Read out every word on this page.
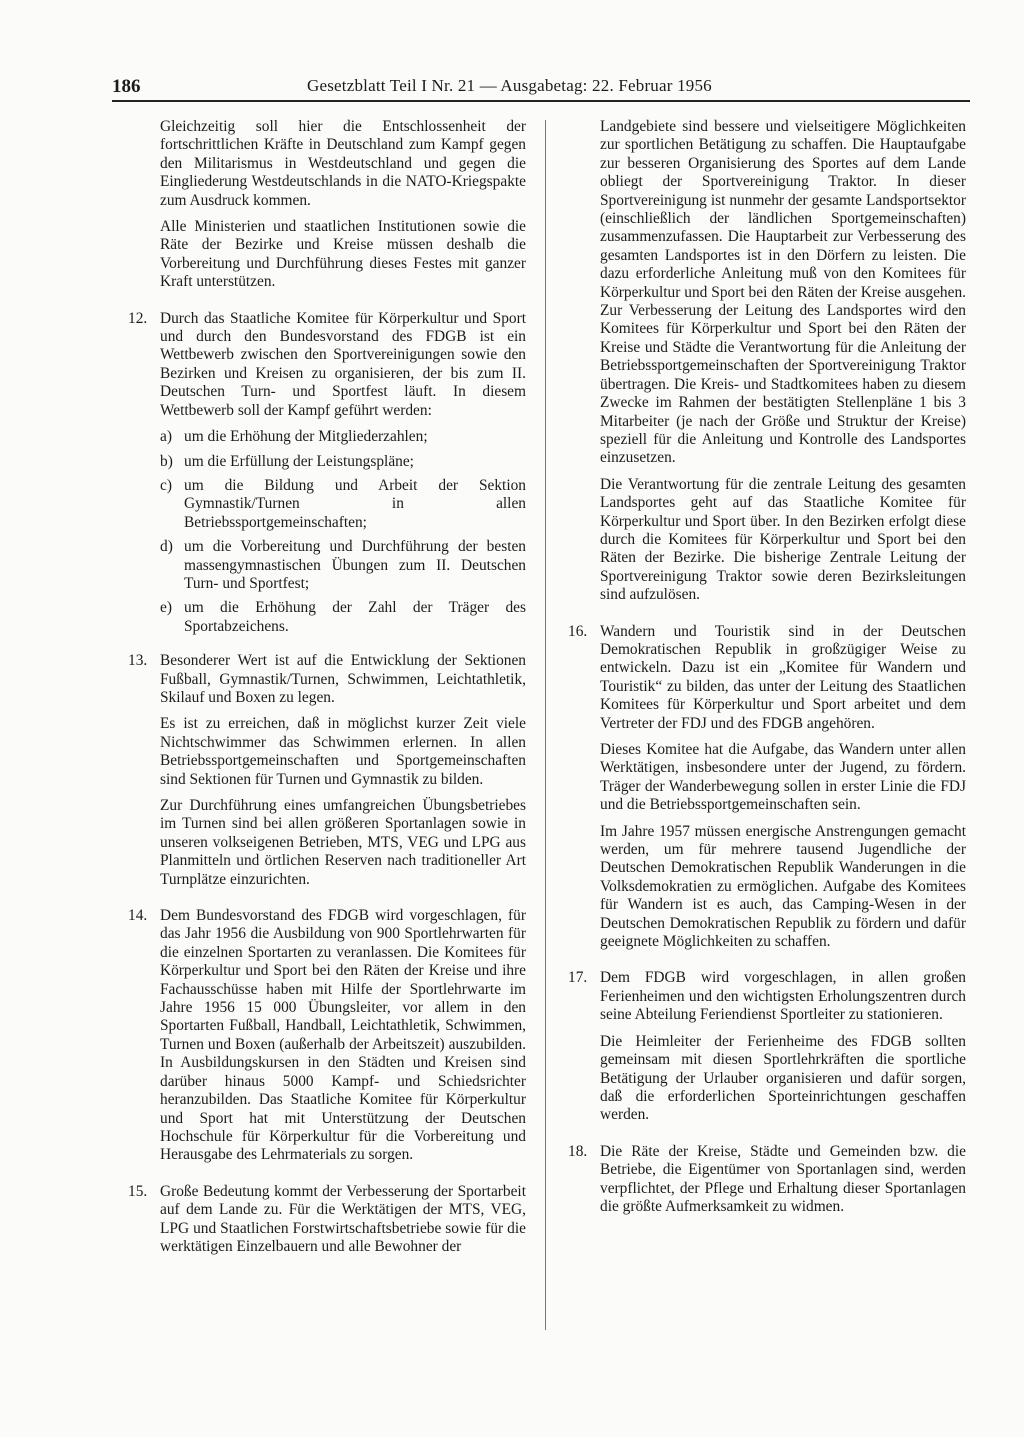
186	Gesetzblatt Teil I Nr. 21 — Ausgabetag: 22. Februar 1956

Gleichzeitig soll hier die Entschlossenheit der fortschrittlichen Kräfte in Deutschland zum Kampf gegen den Militarismus in Westdeutschland und gegen die Eingliederung Westdeutschlands in die NATO-Kriegspakte zum Ausdruck kommen.

Alle Ministerien und staatlichen Institutionen sowie die Räte der Bezirke und Kreise müssen deshalb die Vorbereitung und Durchführung dieses Festes mit ganzer Kraft unterstützen.

12. Durch das Staatliche Komitee für Körperkultur und Sport und durch den Bundesvorstand des FDGB ist ein Wettbewerb zwischen den Sportvereinigungen sowie den Bezirken und Kreisen zu organisieren, der bis zum II. Deutschen Turn- und Sportfest läuft. In diesem Wettbewerb soll der Kampf geführt werden:

a) um die Erhöhung der Mitgliederzahlen;
b) um die Erfüllung der Leistungspläne;
c) um die Bildung und Arbeit der Sektion Gymnastik/Turnen in allen Betriebssportgemeinschaften;
d) um die Vorbereitung und Durchführung der besten massengymnastischen Übungen zum II. Deutschen Turn- und Sportfest;
e) um die Erhöhung der Zahl der Träger des Sportabzeichens.
13. Besonderer Wert ist auf die Entwicklung der Sektionen Fußball, Gymnastik/Turnen, Schwimmen, Leichtathletik, Skilauf und Boxen zu legen.

Es ist zu erreichen, daß in möglichst kurzer Zeit viele Nichtschwimmer das Schwimmen erlernen. In allen Betriebssportgemeinschaften und Sportgemeinschaften sind Sektionen für Turnen und Gymnastik zu bilden.

Zur Durchführung eines umfangreichen Übungsbetriebes im Turnen sind bei allen größeren Sportanlagen sowie in unseren volkseigenen Betrieben, MTS, VEG und LPG aus Planmitteln und örtlichen Reserven nach traditioneller Art Turnplätze einzurichten.

14. Dem Bundesvorstand des FDGB wird vorgeschlagen, für das Jahr 1956 die Ausbildung von 900 Sportlehrwarten für die einzelnen Sportarten zu veranlassen. Die Komitees für Körperkultur und Sport bei den Räten der Kreise und ihre Fachausschüsse haben mit Hilfe der Sportlehrwarte im Jahre 1956 15 000 Übungsleiter, vor allem in den Sportarten Fußball, Handball, Leichtathletik, Schwimmen, Turnen und Boxen (außerhalb der Arbeitszeit) auszubilden. In Ausbildungskursen in den Städten und Kreisen sind darüber hinaus 5000 Kampf- und Schiedsrichter heranzubilden. Das Staatliche Komitee für Körperkultur und Sport hat mit Unterstützung der Deutschen Hochschule für Körperkultur für die Vorbereitung und Herausgabe des Lehrmaterials zu sorgen.

15. Große Bedeutung kommt der Verbesserung der Sportarbeit auf dem Lande zu. Für die Werktätigen der MTS, VEG, LPG und Staatlichen Forstwirtschaftsbetriebe sowie für die werktätigen Einzelbauern und alle Bewohner der

Landgebiete sind bessere und vielseitigere Möglichkeiten zur sportlichen Betätigung zu schaffen. Die Hauptaufgabe zur besseren Organisierung des Sportes auf dem Lande obliegt der Sportvereinigung Traktor. In dieser Sportvereinigung ist nunmehr der gesamte Landsportsektor (einschließlich der ländlichen Sportgemeinschaften) zusammenzufassen. Die Hauptarbeit zur Verbesserung des gesamten Landsportes ist in den Dörfern zu leisten. Die dazu erforderliche Anleitung muß von den Komitees für Körperkultur und Sport bei den Räten der Kreise ausgehen. Zur Verbesserung der Leitung des Landsportes wird den Komitees für Körperkultur und Sport bei den Räten der Kreise und Städte die Verantwortung für die Anleitung der Betriebssportgemeinschaften der Sportvereinigung Traktor übertragen. Die Kreis- und Stadtkomitees haben zu diesem Zwecke im Rahmen der bestätigten Stellenpläne 1 bis 3 Mitarbeiter (je nach der Größe und Struktur der Kreise) speziell für die Anleitung und Kontrolle des Landsportes einzusetzen.

Die Verantwortung für die zentrale Leitung des gesamten Landsportes geht auf das Staatliche Komitee für Körperkultur und Sport über. In den Bezirken erfolgt diese durch die Komitees für Körperkultur und Sport bei den Räten der Bezirke. Die bisherige Zentrale Leitung der Sportvereinigung Traktor sowie deren Bezirksleitungen sind aufzulösen.

16. Wandern und Touristik sind in der Deutschen Demokratischen Republik in großzügiger Weise zu entwickeln. Dazu ist ein „Komitee für Wandern und Touristik“ zu bilden, das unter der Leitung des Staatlichen Komitees für Körperkultur und Sport arbeitet und dem Vertreter der FDJ und des FDGB angehören.

Dieses Komitee hat die Aufgabe, das Wandern unter allen Werktätigen, insbesondere unter der Jugend, zu fördern. Träger der Wanderbewegung sollen in erster Linie die FDJ und die Betriebssportgemeinschaften sein.

Im Jahre 1957 müssen energische Anstrengungen gemacht werden, um für mehrere tausend Jugendliche der Deutschen Demokratischen Republik Wanderungen in die Volksdemokratien zu ermöglichen. Aufgabe des Komitees für Wandern ist es auch, das Camping-Wesen in der Deutschen Demokratischen Republik zu fördern und dafür geeignete Möglichkeiten zu schaffen.

17. Dem FDGB wird vorgeschlagen, in allen großen Ferienheimen und den wichtigsten Erholungszentren durch seine Abteilung Feriendienst Sportleiter zu stationieren.

Die Heimleiter der Ferienheime des FDGB sollten gemeinsam mit diesen Sportlehrkräften die sportliche Betätigung der Urlauber organisieren und dafür sorgen, daß die erforderlichen Sporteinrichtungen geschaffen werden.

18. Die Räte der Kreise, Städte und Gemeinden bzw. die Betriebe, die Eigentümer von Sportanlagen sind, werden verpflichtet, der Pflege und Erhaltung dieser Sportanlagen die größte Aufmerksamkeit zu widmen.
